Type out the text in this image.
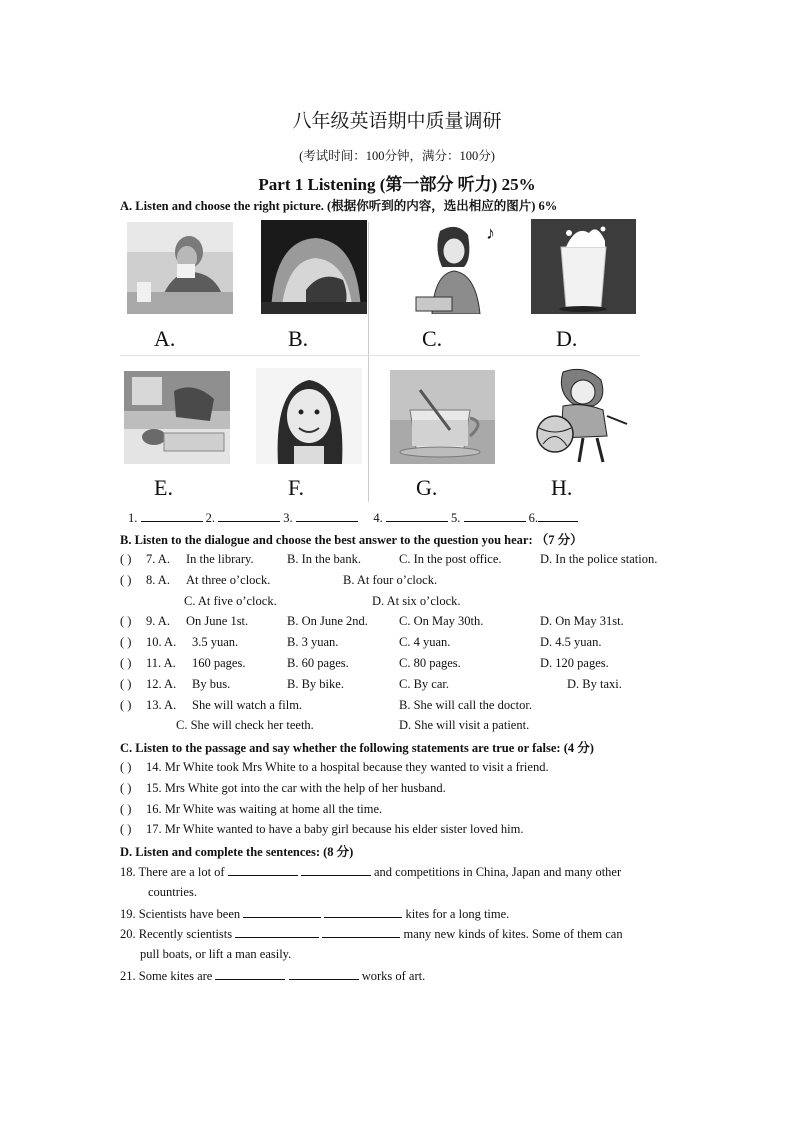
八年级英语期中质量调研
(考试时间：100分钟，满分：100分)
Part 1 Listening (第一部分 听力) 25%
A. Listen and choose the right picture. (根据你听到的内容，选出相应的图片) 6%
♪
A.	B.	C.	D.
E.	F.	G.	H.
1.	2.	3.	4.	5.	6.
B. Listen to the dialogue and choose the best answer to the question you hear: （7 分）
( ) 7. A. In the library.	B. In the bank.	C. In the post office.	D. In the police station.
( ) 8. A. At three o’clock.	B. At four o’clock.
C. At five o’clock.	D. At six o’clock.
( ) 9. A. On June 1st.	B. On June 2nd. C. On May 30th.	D. On May 31st.
( ) 10. A. 3.5 yuan.	B. 3 yuan.	C. 4 yuan.	D. 4.5 yuan.
( ) 11. A. 160 pages.	B. 60 pages.	C. 80 pages.	D. 120 pages.
( ) 12. A. By bus.	B. By bike.	C. By car.	D. By taxi.
( ) 13. A. She will watch a film.	B. She will call the doctor.
C. She will check her teeth.	D. She will visit a patient.
C. Listen to the passage and say whether the following statements are true or false: (4 分)
( ) 14. Mr White took Mrs White to a hospital because they wanted to visit a friend.
( ) 15. Mrs White got into the car with the help of her husband.
( ) 16. Mr White was waiting at home all the time.
( ) 17. Mr White wanted to have a baby girl because his elder sister loved him.
D. Listen and complete the sentences: (8 分)
18. There are a lot of	and competitions in China, Japan and many other
countries.
19. Scientists have been	kites for a long time.
20. Recently scientists	many new kinds of kites. Some of them can
pull boats, or lift a man easily.
21. Some kites are	works of art.
